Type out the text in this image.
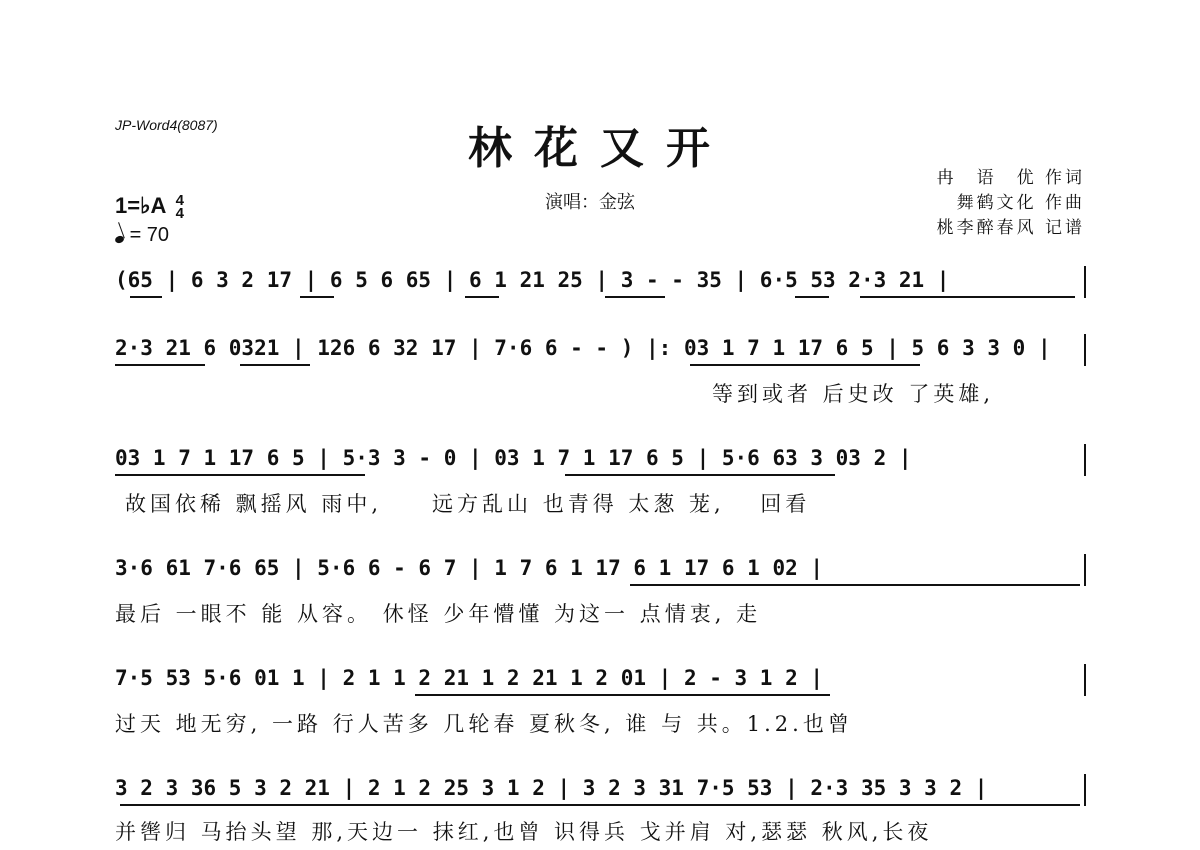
JP-Word4(8087)	林花又开
演唱：金弦
冉　语　优 作词
舞鹤文化 作曲
桃李醉春风 记谱
1=♭A 4
4
= 70
(65 | 6 3 2 17 | 6 5 6 65 | 6 1 21 25 | 3 - - 35 | 6·5 53 2·3 21 |
2·3 21 6 0321 | 126 6 32 17 | 7·6 6 - - ) |: 03 1 7 1 17 6 5 | 5 6 3 3 0 |
等到或者 后史改 了英雄,
03 1 7 1 17 6 5 | 5·3 3 - 0 | 03 1 7 1 17 6 5 | 5·6 63 3 03 2 |
故国依稀 飘摇风 雨中,　　远方乱山 也青得 太葱 茏,　 回看
3·6 61 7·6 65 | 5·6 6 - 6 7 | 1 7 6 1 17 6 1 17 6 1 02 |
最后 一眼不 能 从容。 休怪 少年懵懂 为这一 点情衷, 走
7·5 53 5·6 01 1 | 2 1 1 2 21 1 2 21 1 2 01 | 2 - 3 1 2 |
过天 地无穷, 一路 行人苦多 几轮春 夏秋冬, 谁 与 共。1.2.也曾
3 2 3 36 5 3 2 21 | 2 1 2 25 3 1 2 | 3 2 3 31 7·5 53 | 2·3 35 3 3 2 |
并辔归 马抬头望 那,天边一 抹红,也曾 识得兵 戈并肩 对,瑟瑟 秋风,长夜
